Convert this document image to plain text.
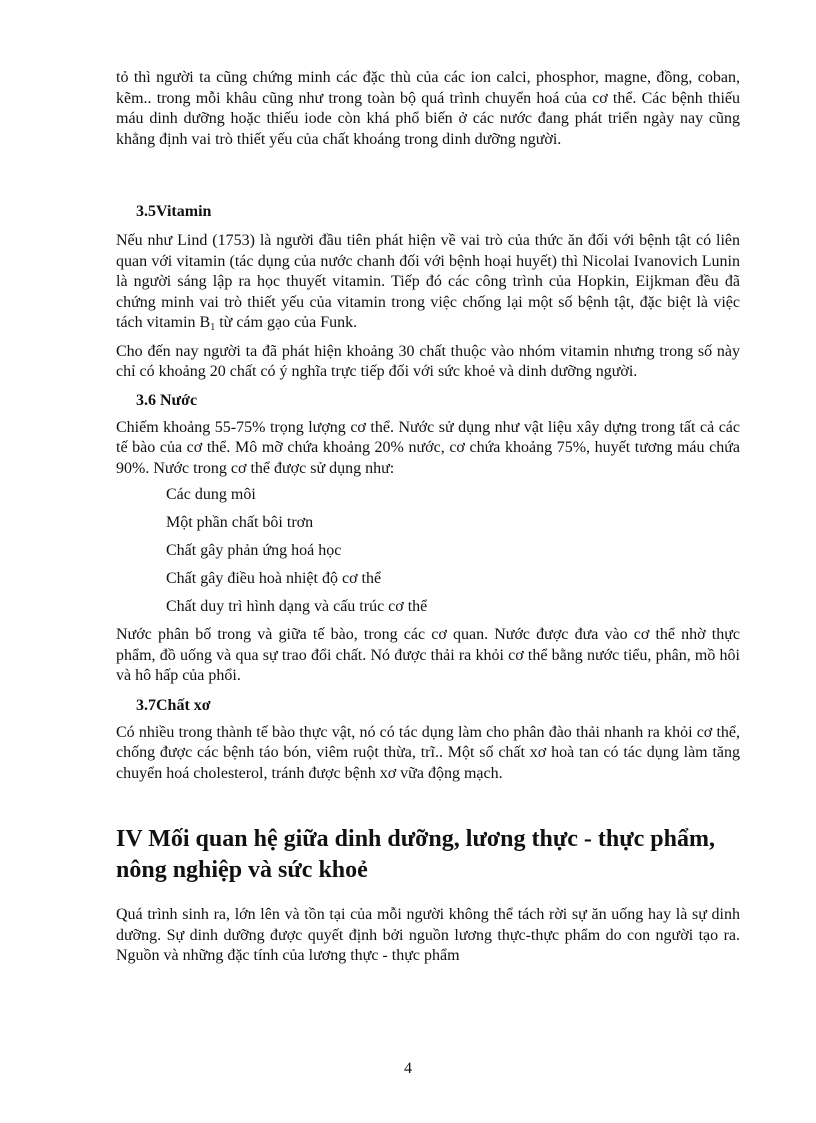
tỏ thì người ta cũng chứng minh các đặc thù của các ion calci, phosphor, magne, đồng, coban, kẽm.. trong mỗi khâu cũng như trong toàn bộ quá trình chuyển hoá của cơ thể. Các bệnh thiếu máu dinh dưỡng hoặc thiếu iode còn khá phổ biến ở các nước đang phát triển ngày nay cũng khẳng định vai trò thiết yếu của chất khoáng trong dinh dưỡng người.

3.5Vitamin

Nếu như Lind (1753) là người đầu tiên phát hiện về vai trò của thức ăn đối với bệnh tật có liên quan với vitamin (tác dụng của nước chanh đối với bệnh hoại huyết) thì Nicolai Ivanovich Lunin là người sáng lập ra học thuyết vitamin. Tiếp đó các công trình của Hopkin, Eijkman đều đã chứng minh vai trò thiết yếu của vitamin trong việc chống lại một số bệnh tật, đặc biệt là việc tách vitamin $B_1$ từ cám gạo của Funk.

Cho đến nay người ta đã phát hiện khoảng 30 chất thuộc vào nhóm vitamin nhưng trong số này chỉ có khoảng 20 chất có ý nghĩa trực tiếp đối với sức khoẻ và dinh dưỡng người.

3.6 Nước

Chiếm khoảng 55-75% trọng lượng cơ thể. Nước sử dụng như vật liệu xây dựng trong tất cả các tế bào của cơ thể. Mô mỡ chứa khoảng 20% nước, cơ chứa khoảng 75%, huyết tương máu chứa 90%. Nước trong cơ thể được sử dụng như:

Các dung môi
Một phần chất bôi trơn
Chất gây phản ứng hoá học
Chất gây điều hoà nhiệt độ cơ thể
Chất duy trì hình dạng và cấu trúc cơ thể

Nước phân bố trong và giữa tế bào, trong các cơ quan. Nước được đưa vào cơ thể nhờ thực phẩm, đồ uống và qua sự trao đổi chất. Nó được thải ra khỏi cơ thể bằng nước tiểu, phân, mồ hôi và hô hấp của phổi.

3.7Chất xơ

Có nhiều trong thành tế bào thực vật, nó có tác dụng làm cho phân đào thải nhanh ra khỏi cơ thể, chống được các bệnh táo bón, viêm ruột thừa, trĩ.. Một số chất xơ hoà tan có tác dụng làm tăng chuyển hoá cholesterol, tránh được bệnh xơ vữa động mạch.

IV Mối quan hệ giữa dinh dưỡng, lương thực - thực phẩm, nông nghiệp và sức khoẻ

Quá trình sinh ra, lớn lên và tồn tại của mỗi người không thể tách rời sự ăn uống hay là sự dinh dưỡng. Sự dinh dưỡng được quyết định bởi nguồn lương thực-thực phẩm do con người tạo ra. Nguồn và những đặc tính của lương thực - thực phẩm

4
